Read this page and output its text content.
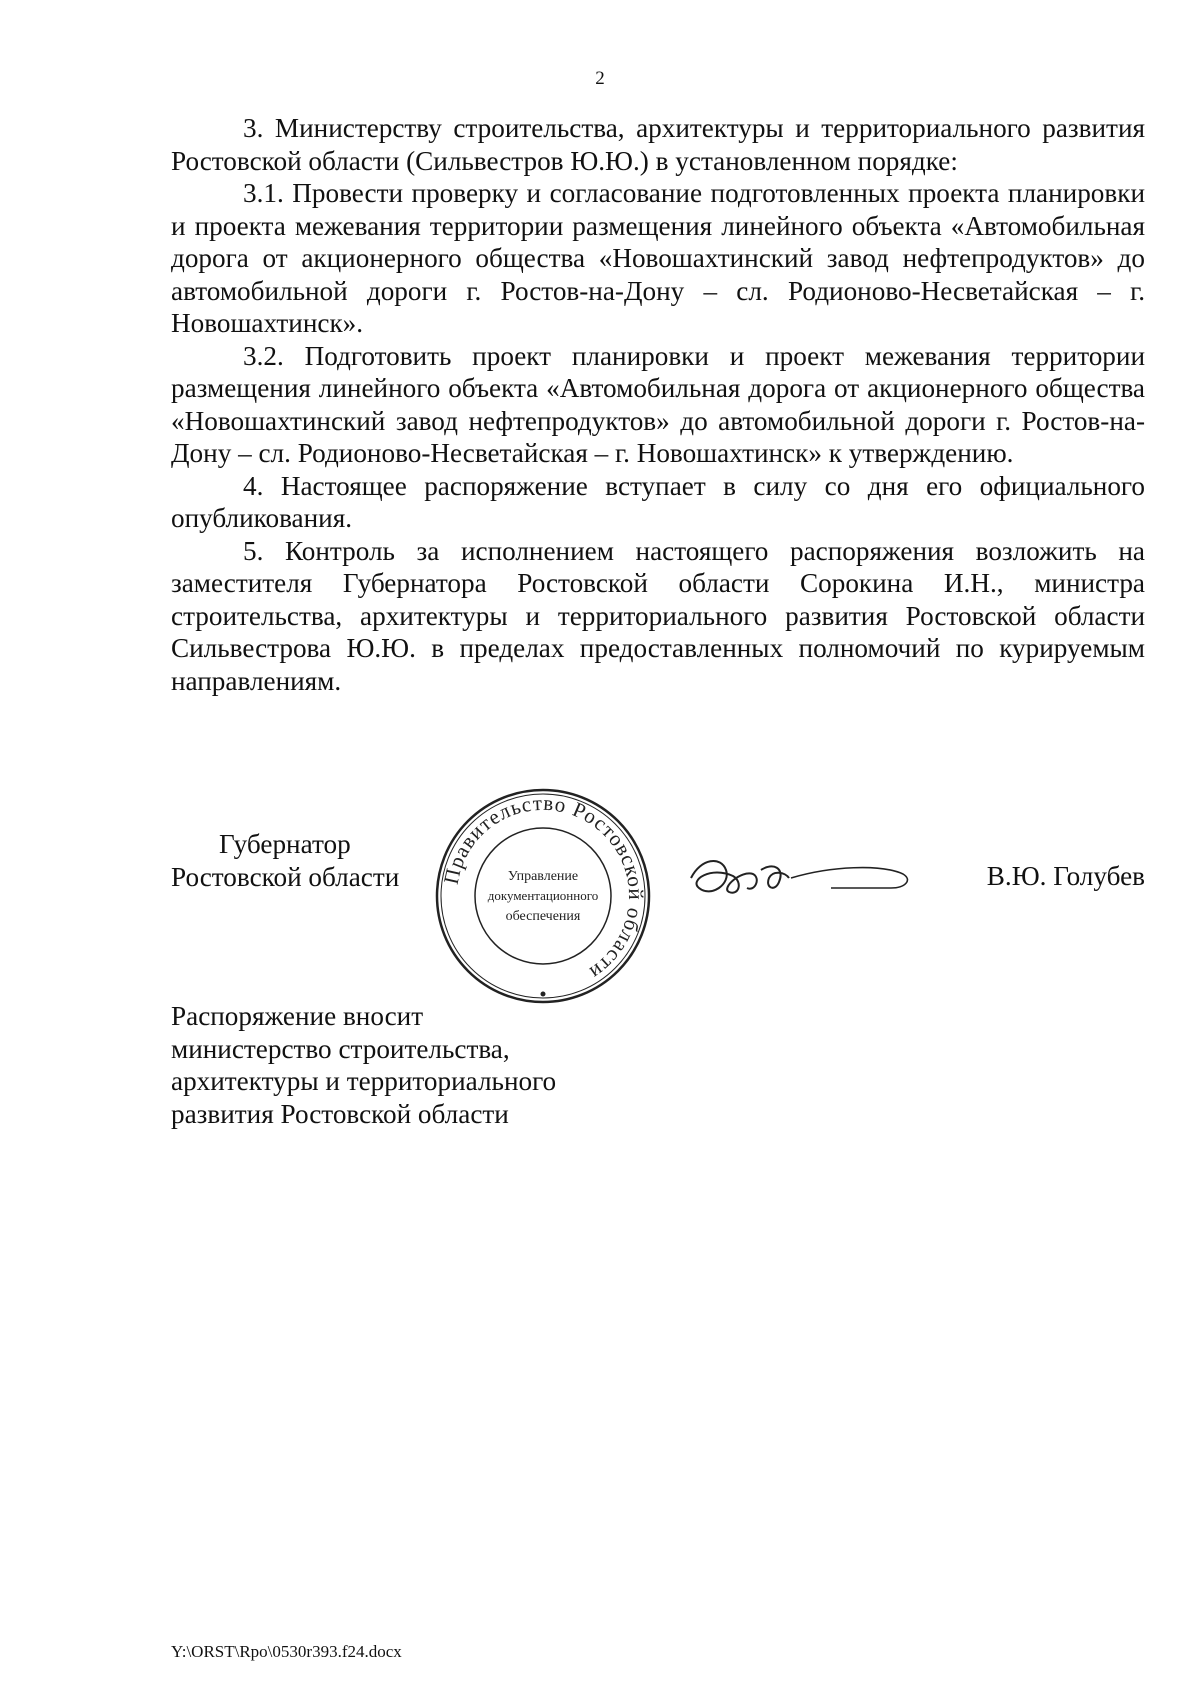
2

3. Министерству строительства, архитектуры и территориального развития Ростовской области (Сильвестров Ю.Ю.) в установленном порядке:

3.1. Провести проверку и согласование подготовленных проекта планировки и проекта межевания территории размещения линейного объекта «Автомобильная дорога от акционерного общества «Новошахтинский завод нефтепродуктов» до автомобильной дороги г. Ростов-на-Дону – сл. Родионово-Несветайская – г. Новошахтинск».

3.2. Подготовить проект планировки и проект межевания территории размещения линейного объекта «Автомобильная дорога от акционерного общества «Новошахтинский завод нефтепродуктов» до автомобильной дороги г. Ростов-на-Дону – сл. Родионово-Несветайская – г. Новошахтинск» к утверждению.

4. Настоящее распоряжение вступает в силу со дня его официального опубликования.

5. Контроль за исполнением настоящего распоряжения возложить на заместителя Губернатора Ростовской области Сорокина И.Н., министра строительства, архитектуры и территориального развития Ростовской области Сильвестрова Ю.Ю. в пределах предоставленных полномочий по курируемым направлениям.

Губернатор
Ростовской области Правительство Ростовской области
Управление
документационного
обеспечения

В.Ю. Голубев

Распоряжение вносит
министерство строительства,
архитектуры и территориального
развития Ростовской области

Y:\ORST\Rpo\0530r393.f24.docx
